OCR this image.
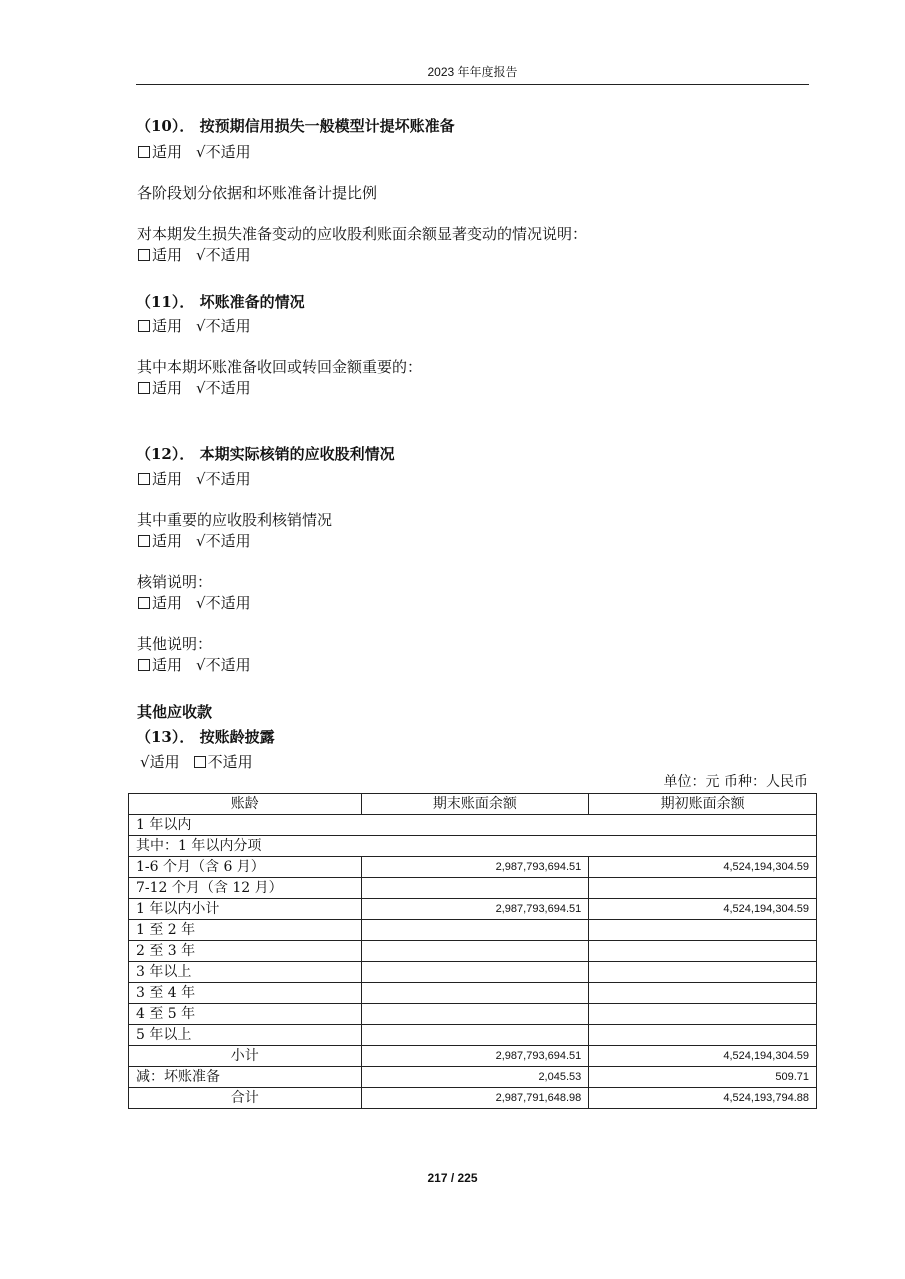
2023 年年度报告
（10）． 按预期信用损失一般模型计提坏账准备
适用 √不适用
各阶段划分依据和坏账准备计提比例
对本期发生损失准备变动的应收股利账面余额显著变动的情况说明：
适用 √不适用
（11）． 坏账准备的情况
适用 √不适用
其中本期坏账准备收回或转回金额重要的：
适用 √不适用
（12）． 本期实际核销的应收股利情况
适用 √不适用
其中重要的应收股利核销情况
适用 √不适用
核销说明：
适用 √不适用
其他说明：
适用 √不适用
其他应收款
（13）． 按账龄披露
√适用 不适用
单位：元 币种：人民币
账龄	期末账面余额	期初账面余额
1 年以内		
其中：1 年以内分项		
1-6 个月（含 6 月）	2,987,793,694.51	4,524,194,304.59
7-12 个月（含 12 月）		
1 年以内小计	2,987,793,694.51	4,524,194,304.59
1 至 2 年		
2 至 3 年		
3 年以上		
3 至 4 年		
4 至 5 年		
5 年以上		
小计	2,987,793,694.51	4,524,194,304.59
减：坏账准备	2,045.53	509.71
合计	2,987,791,648.98	4,524,193,794.88
217 / 225
